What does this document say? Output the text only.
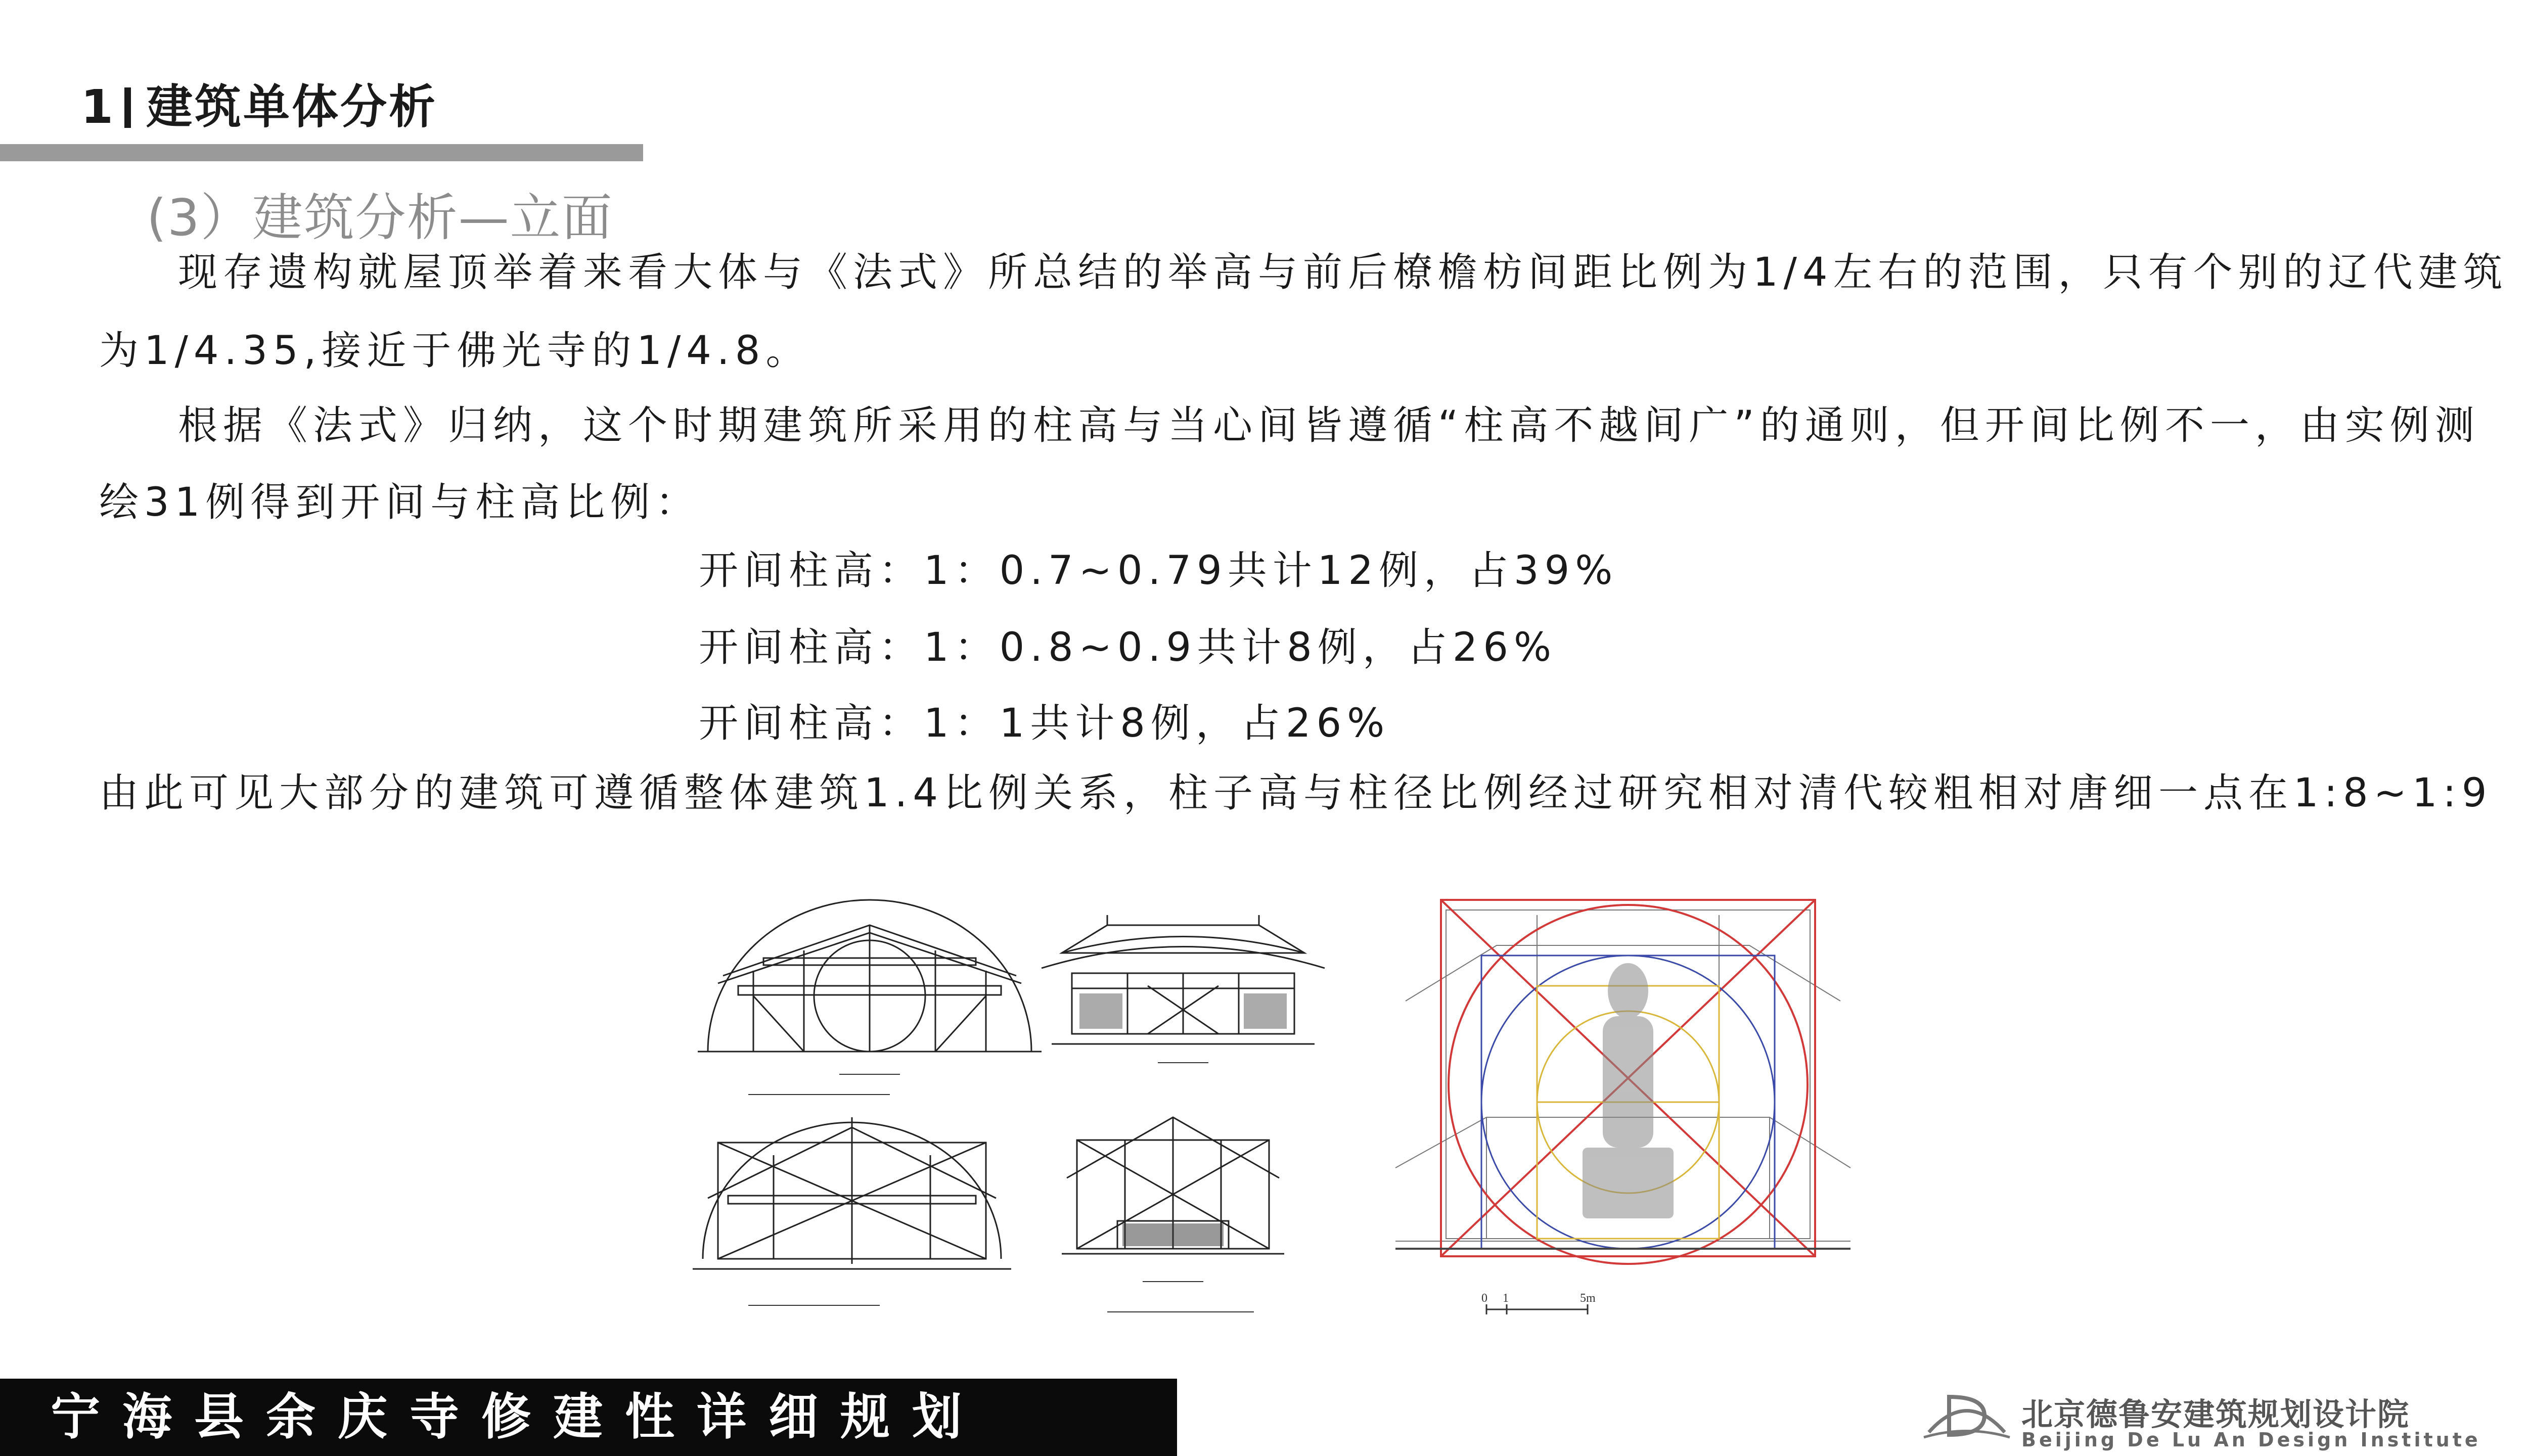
1 建筑单体分析
(3）建筑分析—立面
现存遗构就屋顶举着来看大体与《法式》所总结的举高与前后橑檐枋间距比例为1/4左右的范围，只有个别的辽代建筑
为1/4.35,接近于佛光寺的1/4.8。
根据《法式》归纳，这个时期建筑所采用的柱高与当心间皆遵循“柱高不越间广”的通则，但开间比例不一，由实例测
绘31例得到开间与柱高比例：
开间柱高：1：0.7~0.79共计12例，占39%
开间柱高：1：0.8~0.9共计8例，占26%
开间柱高：1：1共计8例，占26%
由此可见大部分的建筑可遵循整体建筑1.4比例关系，柱子高与柱径比例经过研究相对清代较粗相对唐细一点在1:8~1:9
0 1	5m
宁海县余庆寺修建性详细规划	北京德鲁安建筑规划设计院
Beijing De Lu An Design Institute
